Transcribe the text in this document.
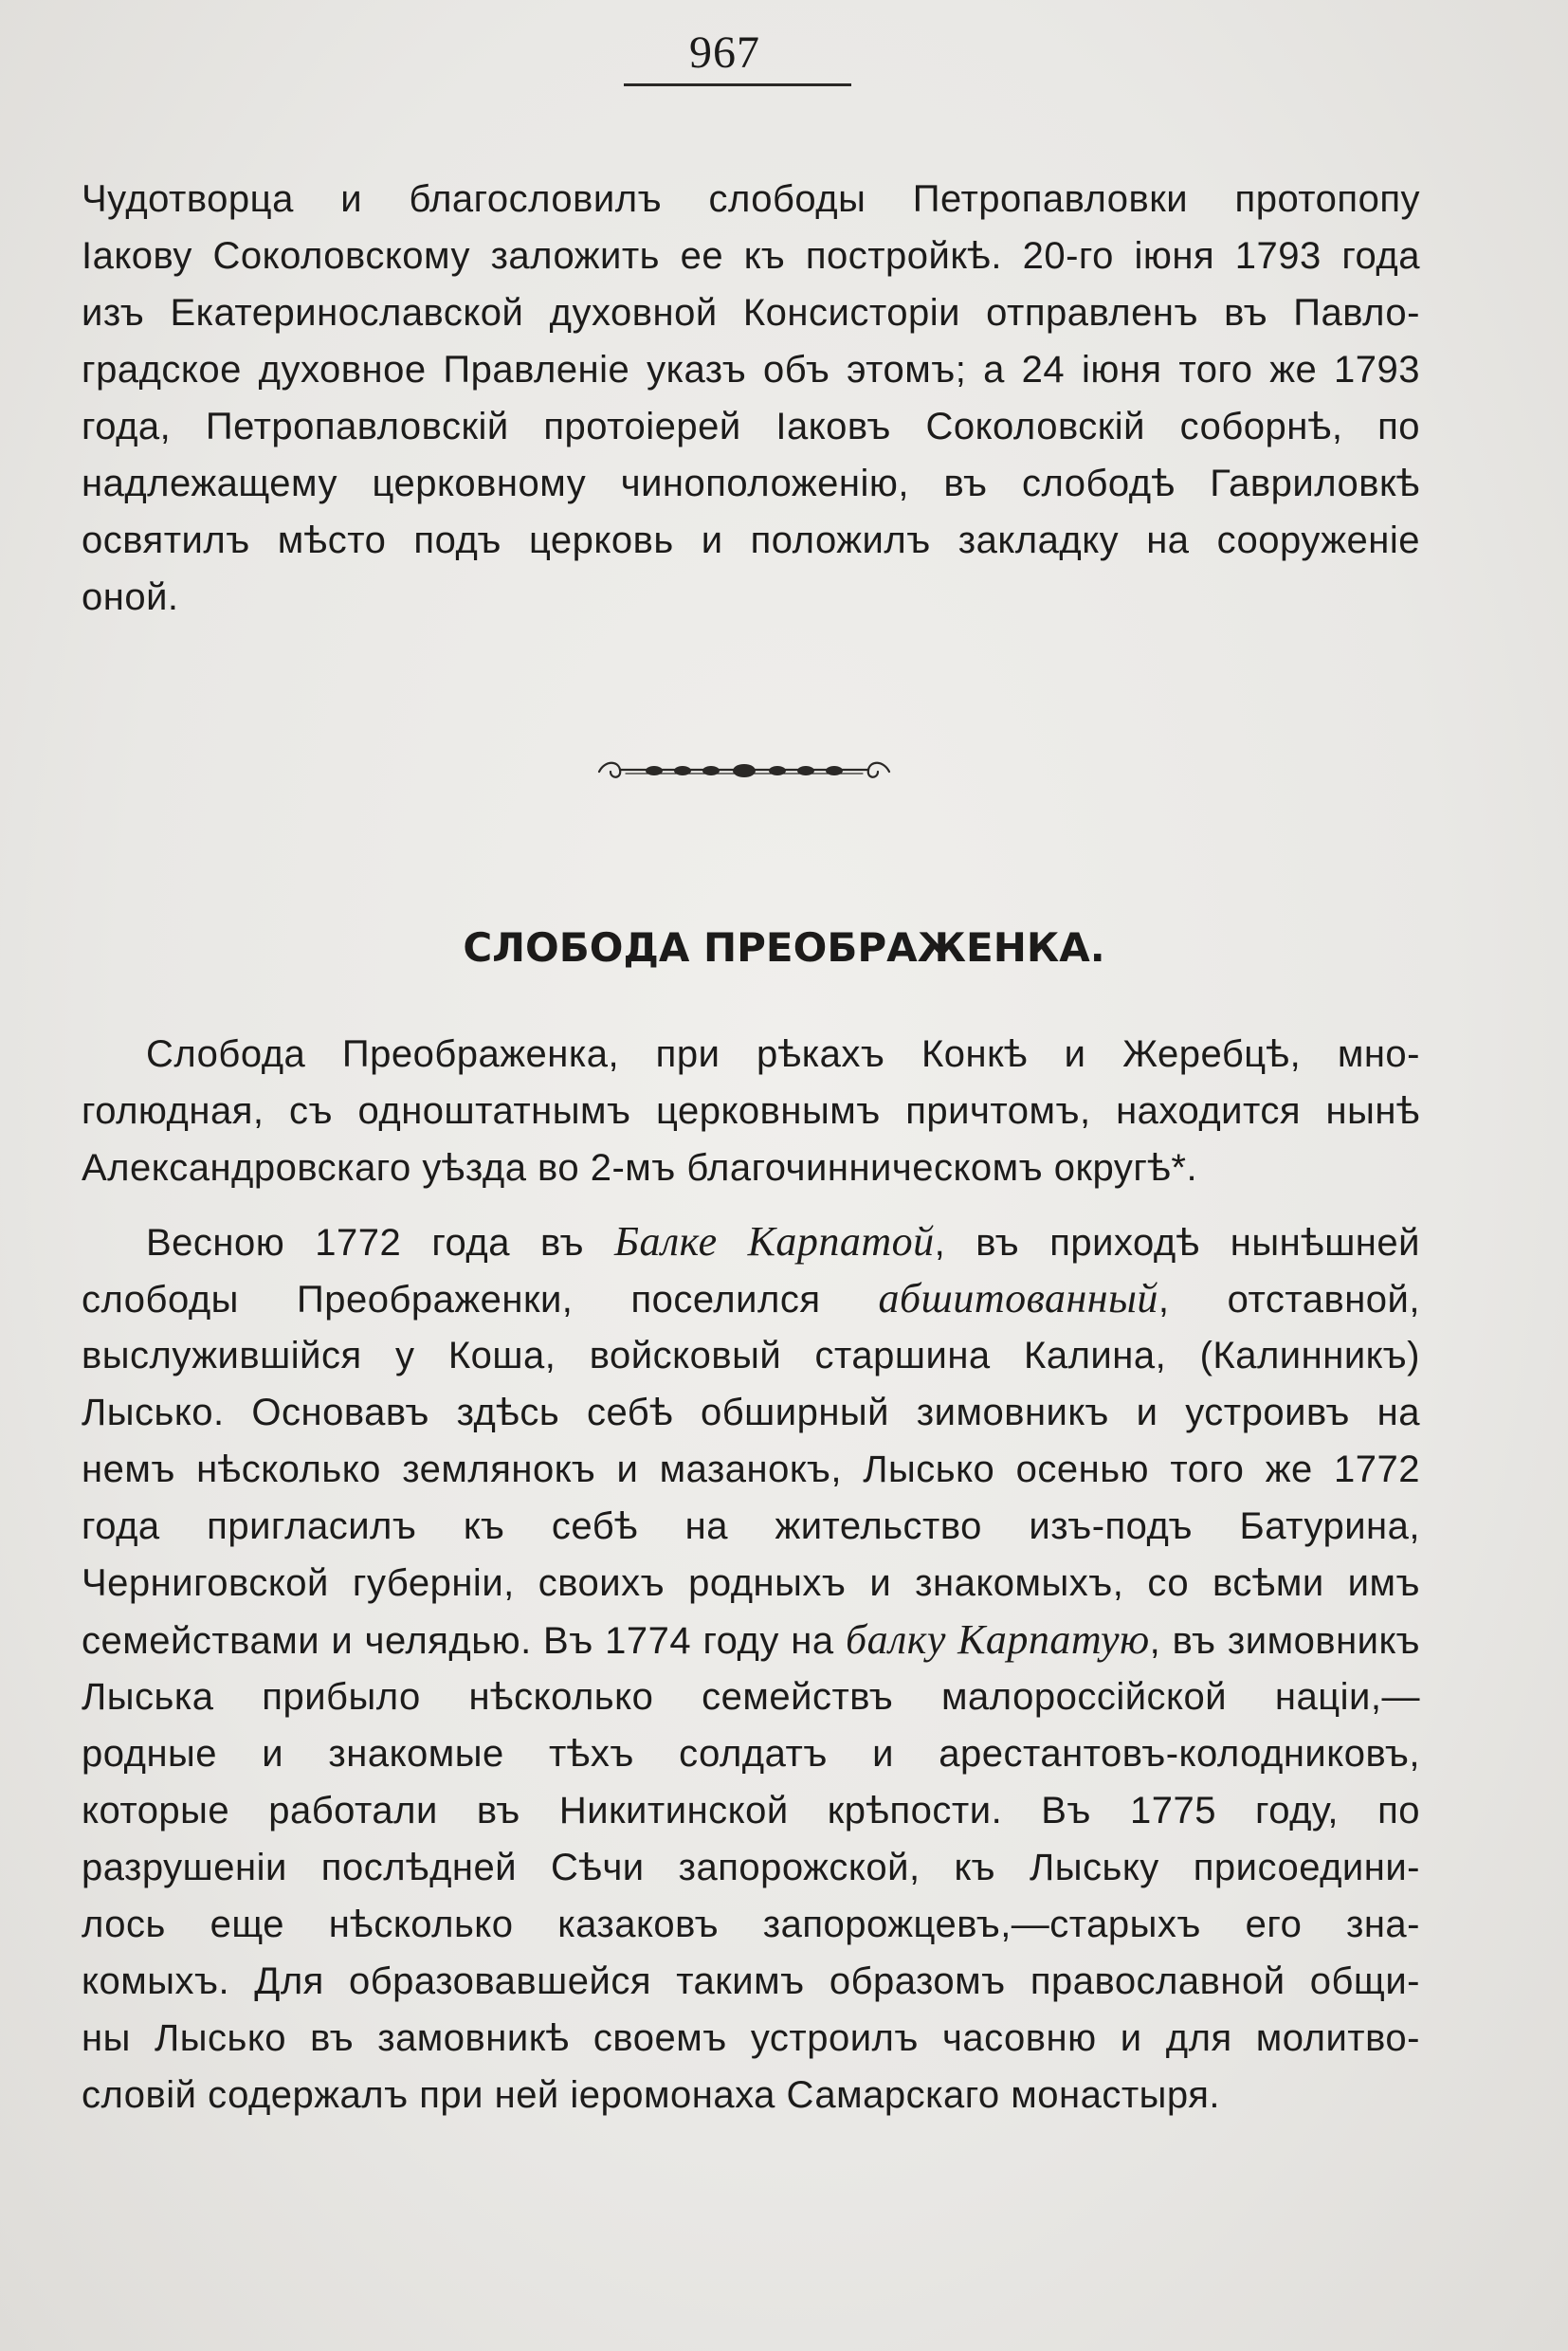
967
Чудотворца и благословилъ слободы Петропавловки протопопу
Іакову Соколовскому заложить ее къ постройкѣ. 20-го іюня 1793 года
изъ Екатеринославской духовной Консисторіи отправленъ въ Павло-
градское духовное Правленіе указъ объ этомъ; а 24 іюня того же 1793
года, Петропавловскій протоіерей Іаковъ Соколовскій соборнѣ, по
надлежащему церковному чиноположенію, въ слободѣ Гавриловкѣ
освятилъ мѣсто подъ церковь и положилъ закладку на сооруженіе
оной.
СЛОБОДА ПРЕОБРАЖЕНКА.
Слобода Преображенка, при рѣкахъ Конкѣ и Жеребцѣ, мно-
голюдная, съ одноштатнымъ церковнымъ причтомъ, находится нынѣ
Александровскаго уѣзда во 2-мъ благочинническомъ округѣ*.
Весною 1772 года въ Балке Карпатой, въ приходѣ нынѣшней
слободы Преображенки, поселился абшитованный, отставной,
выслужившійся у Коша, войсковый старшина Калина, (Калинникъ)
Лысько. Основавъ здѣсь себѣ обширный зимовникъ и устроивъ на
немъ нѣсколько землянокъ и мазанокъ, Лысько осенью того же 1772
года пригласилъ къ себѣ на жительство изъ-подъ Батурина,
Черниговской губерніи, своихъ родныхъ и знакомыхъ, со всѣми имъ
семействами и челядью. Въ 1774 году на балку Карпатую, въ зимовникъ
Лыська прибыло нѣсколько семействъ малороссійской націи,—
родные и знакомые тѣхъ солдатъ и арестантовъ-колодниковъ,
которые работали въ Никитинской крѣпости. Въ 1775 году, по
разрушеніи послѣдней Сѣчи запорожской, къ Лыську присоедини-
лось еще нѣсколько казаковъ запорожцевъ,—старыхъ его зна-
комыхъ. Для образовавшейся такимъ образомъ православной общи-
ны Лысько въ замовникѣ своемъ устроилъ часовню и для молитво-
словій содержалъ при ней іеромонаха Самарскаго монастыря.
